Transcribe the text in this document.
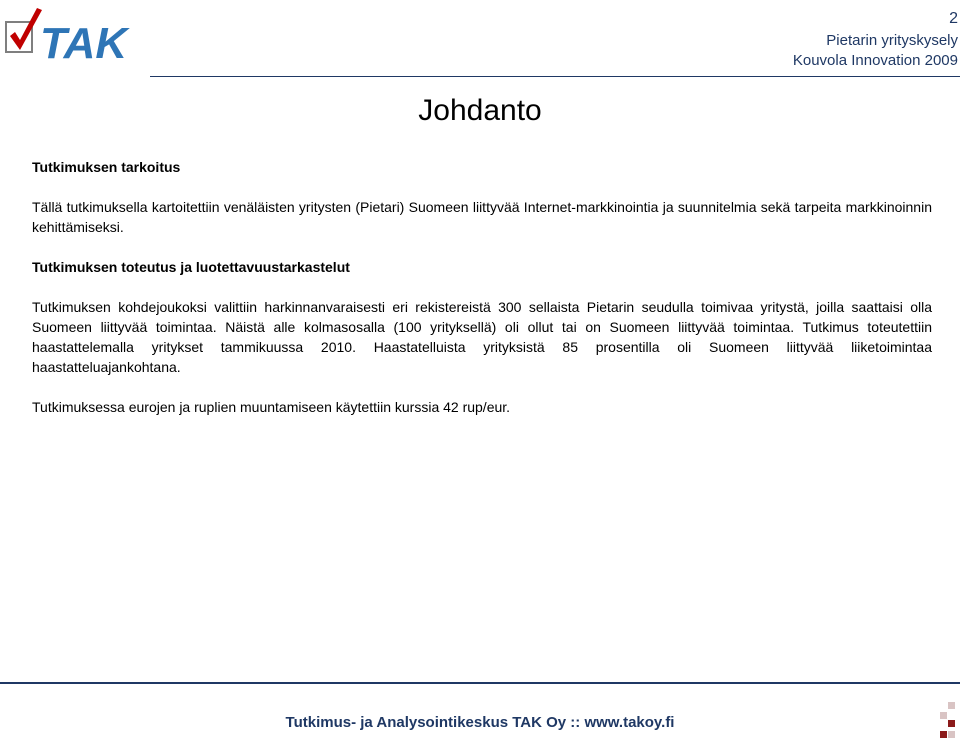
TAK
2
Pietarin yrityskysely
Kouvola Innovation 2009
Johdanto
Tutkimuksen tarkoitus
Tällä tutkimuksella kartoitettiin venäläisten yritysten (Pietari) Suomeen liittyvää Internet-markkinointia ja suunnitelmia sekä tarpeita markkinoinnin kehittämiseksi.
Tutkimuksen toteutus ja luotettavuustarkastelut
Tutkimuksen kohdejoukoksi valittiin harkinnanvaraisesti eri rekistereistä 300 sellaista Pietarin seudulla toimivaa yritystä, joilla saattaisi olla Suomeen liittyvää toimintaa. Näistä alle kolmasosalla (100 yrityksellä) oli ollut tai on Suomeen liittyvää toimintaa. Tutkimus toteutettiin haastattelemalla yritykset tammikuussa 2010. Haastatelluista yrityksistä 85 prosentilla oli Suomeen liittyvää liiketoimintaa haastatteluajankohtana.
Tutkimuksessa eurojen ja ruplien muuntamiseen käytettiin kurssia 42 rup/eur.
Tutkimus- ja Analysointikeskus TAK Oy :: www.takoy.fi
